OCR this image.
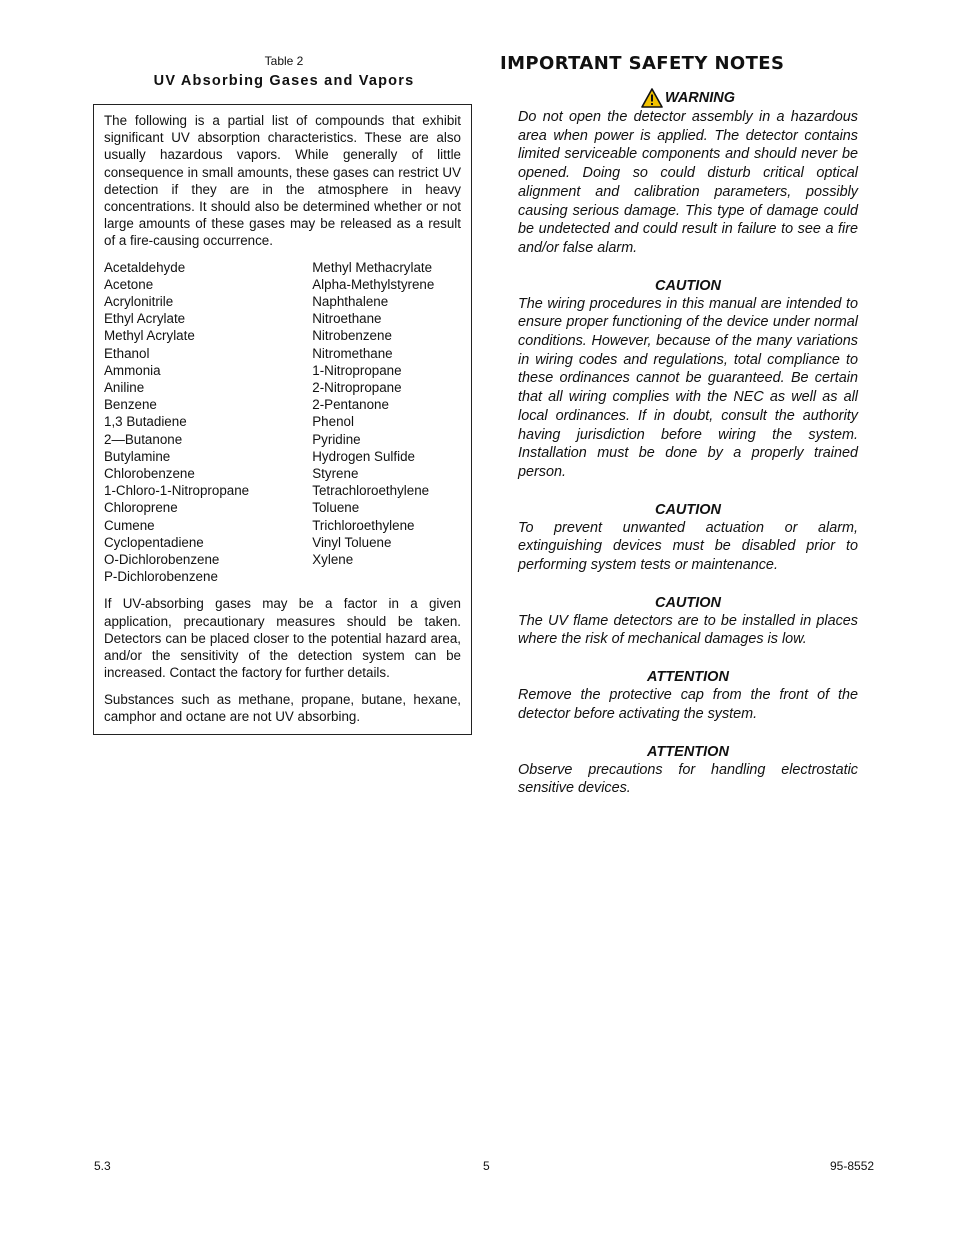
Table 2
UV Absorbing Gases and Vapors

The following is a partial list of compounds that exhibit significant UV absorption characteristics. These are also usually hazardous vapors. While generally of little consequence in small amounts, these gases can restrict UV detection if they are in the atmosphere in heavy concentrations. It should also be determined whether or not large amounts of these gases may be released as a result of a fire-causing occurrence.

Acetaldehyde
Acetone
Acrylonitrile
Ethyl Acrylate
Methyl Acrylate
Ethanol
Ammonia
Aniline
Benzene
1,3 Butadiene
2—Butanone
Butylamine
Chlorobenzene
1-Chloro-1-Nitropropane
Chloroprene
Cumene
Cyclopentadiene
O-Dichlorobenzene
P-Dichlorobenzene
Methyl Methacrylate
Alpha-Methylstyrene
Naphthalene
Nitroethane
Nitrobenzene
Nitromethane
1-Nitropropane
2-Nitropropane
2-Pentanone
Phenol
Pyridine
Hydrogen Sulfide
Styrene
Tetrachloroethylene
Toluene
Trichloroethylene
Vinyl Toluene
Xylene

If UV-absorbing gases may be a factor in a given application, precautionary measures should be taken. Detectors can be placed closer to the potential hazard area, and/or the sensitivity of the detection system can be increased. Contact the factory for further details.

Substances such as methane, propane, butane, hexane, camphor and octane are not UV absorbing.

IMPORTANT SAFETY NOTES
WARNING

Do not open the detector assembly in a hazardous area when power is applied. The detector contains limited serviceable components and should never be opened. Doing so could disturb critical optical alignment and calibration parameters, possibly causing serious damage. This type of damage could be undetected and could result in failure to see a fire and/or false alarm.

CAUTION

The wiring procedures in this manual are intended to ensure proper functioning of the device under normal conditions. However, because of the many variations in wiring codes and regulations, total compliance to these ordinances cannot be guaranteed. Be certain that all wiring complies with the NEC as well as all local ordinances. If in doubt, consult the authority having jurisdiction before wiring the system. Installation must be done by a properly trained person.

CAUTION

To prevent unwanted actuation or alarm, extinguishing devices must be disabled prior to performing system tests or maintenance.

CAUTION

The UV flame detectors are to be installed in places where the risk of mechanical damages is low.

ATTENTION

Remove the protective cap from the front of the detector before activating the system.

ATTENTION

Observe precautions for handling electrostatic sensitive devices.

5.3	5	95-8552
